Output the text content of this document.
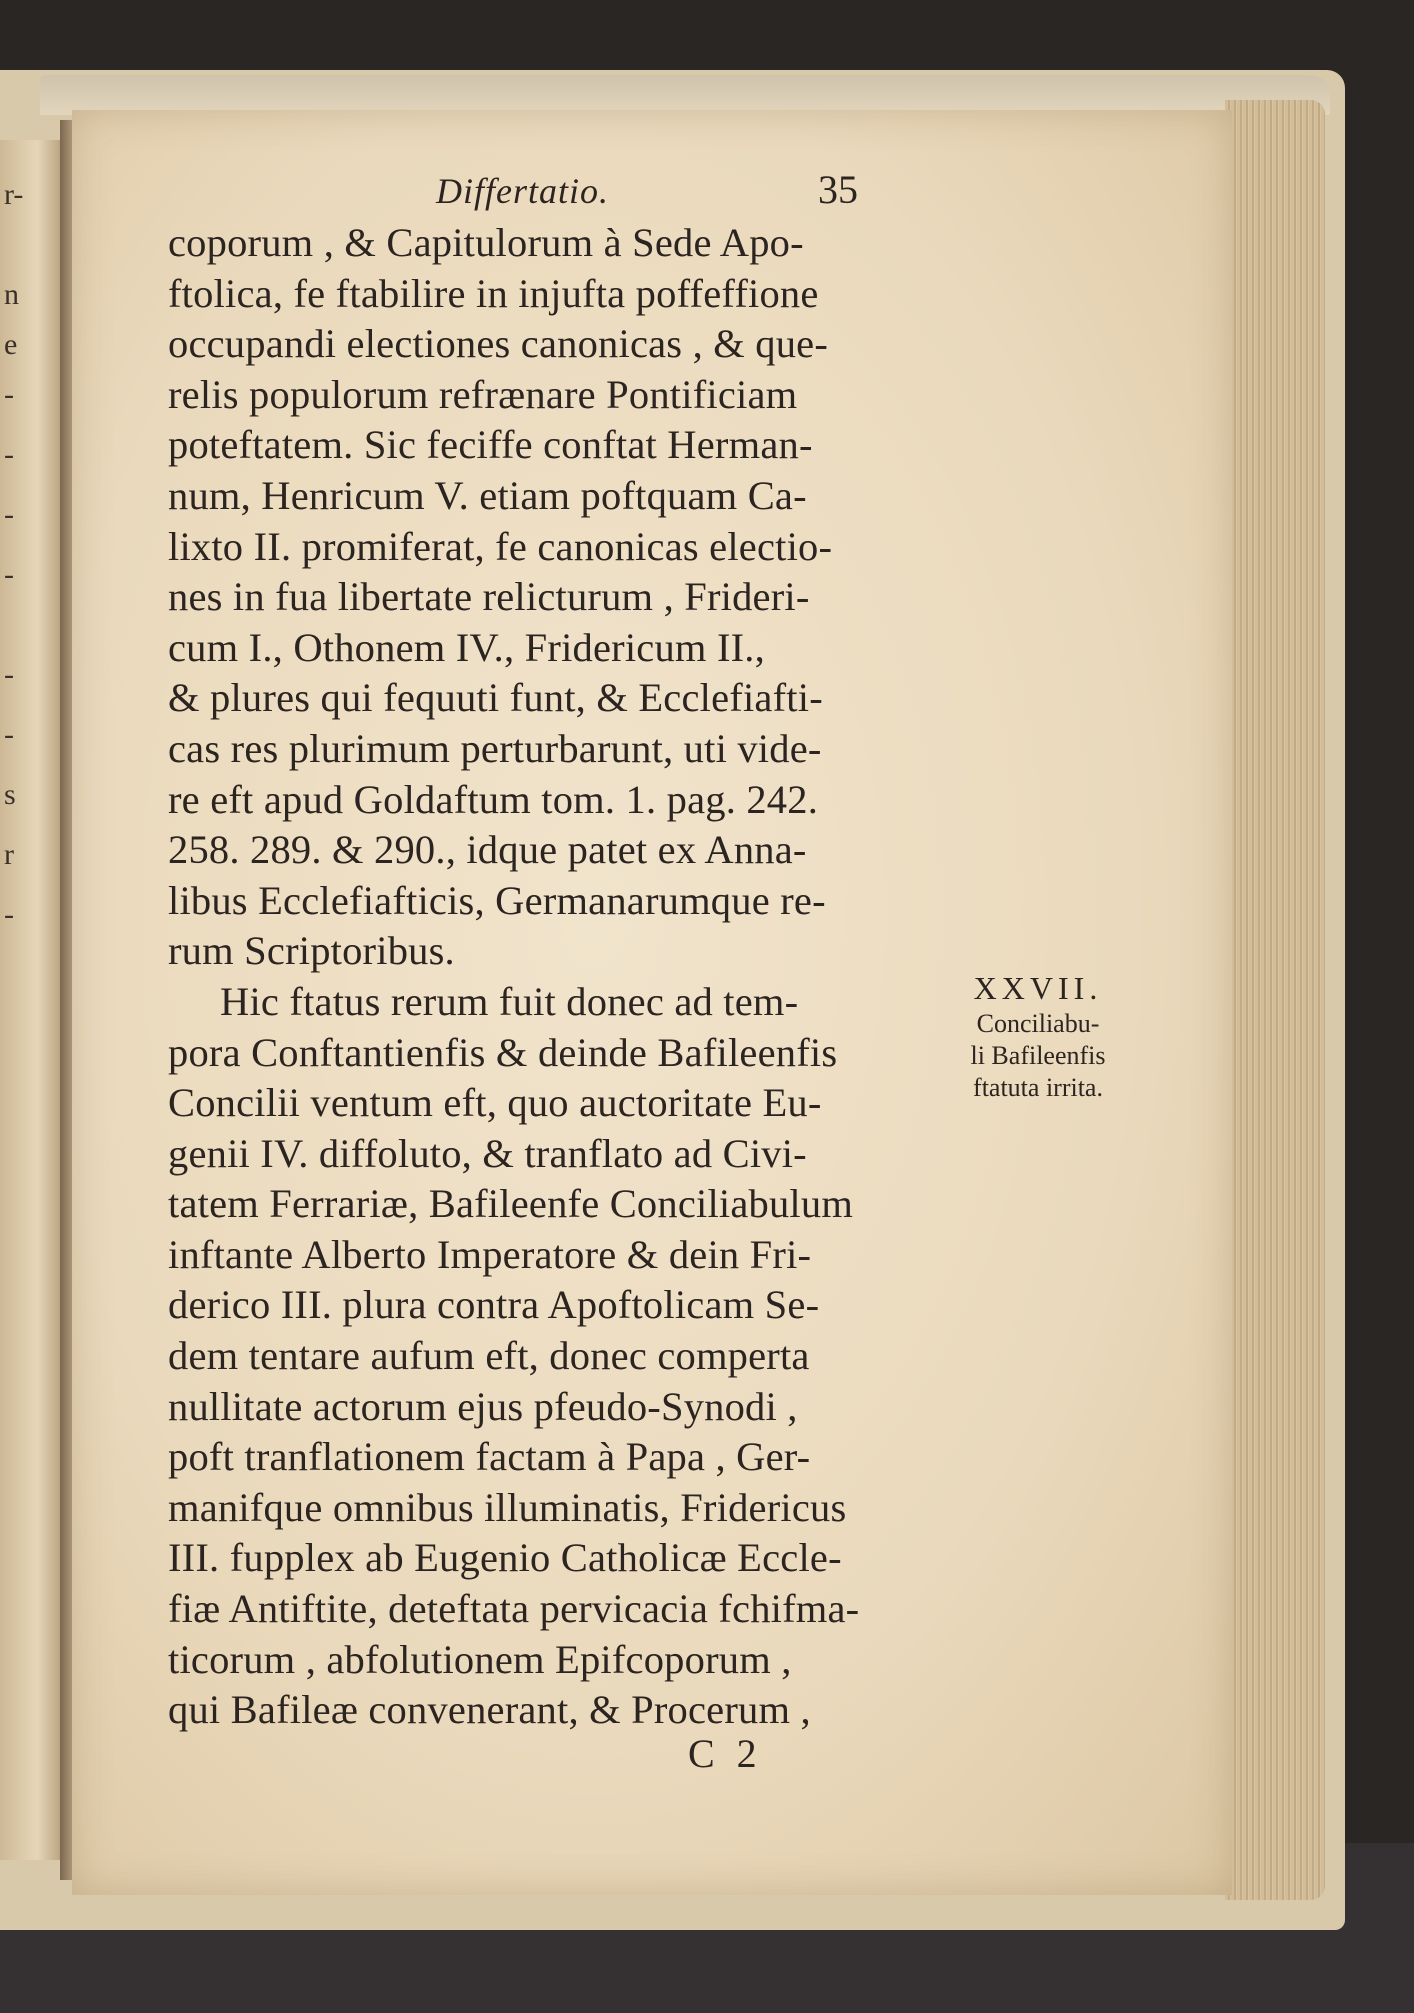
r-
n
e
-
-
-
-
-
-
s
r
-
Differtatio.	35
coporum , & Capitulorum à Sede Apo-
ftolica, fe ftabilire in injufta poffeffione
occupandi electiones canonicas , & que-
relis populorum refrænare Pontificiam
poteftatem. Sic feciffe conftat Herman-
num, Henricum V. etiam poftquam Ca-
lixto II. promiferat, fe canonicas electio-
nes in fua libertate relicturum , Frideri-
cum I., Othonem IV., Fridericum II.,
& plures qui fequuti funt, & Ecclefiafti-
cas res plurimum perturbarunt, uti vide-
re eft apud Goldaftum tom. 1. pag. 242.
258. 289. & 290., idque patet ex Anna-
libus Ecclefiafticis, Germanarumque re-
rum Scriptoribus.
Hic ftatus rerum fuit donec ad tem-
pora Conftantienfis & deinde Bafileenfis
Concilii ventum eft, quo auctoritate Eu-
genii IV. diffoluto, & tranflato ad Civi-
tatem Ferrariæ, Bafileenfe Conciliabulum
inftante Alberto Imperatore & dein Fri-
derico III. plura contra Apoftolicam Se-
dem tentare aufum eft, donec comperta
nullitate actorum ejus pfeudo-Synodi ,
poft tranflationem factam à Papa , Ger-
manifque omnibus illuminatis, Fridericus
III. fupplex ab Eugenio Catholicæ Eccle-
fiæ Antiftite, deteftata pervicacia fchifma-
ticorum , abfolutionem Epifcoporum ,
qui Bafileæ convenerant, & Procerum ,
XXVII.
Conciliabu-
li Bafileenfis
ftatuta irrita.
C 2
